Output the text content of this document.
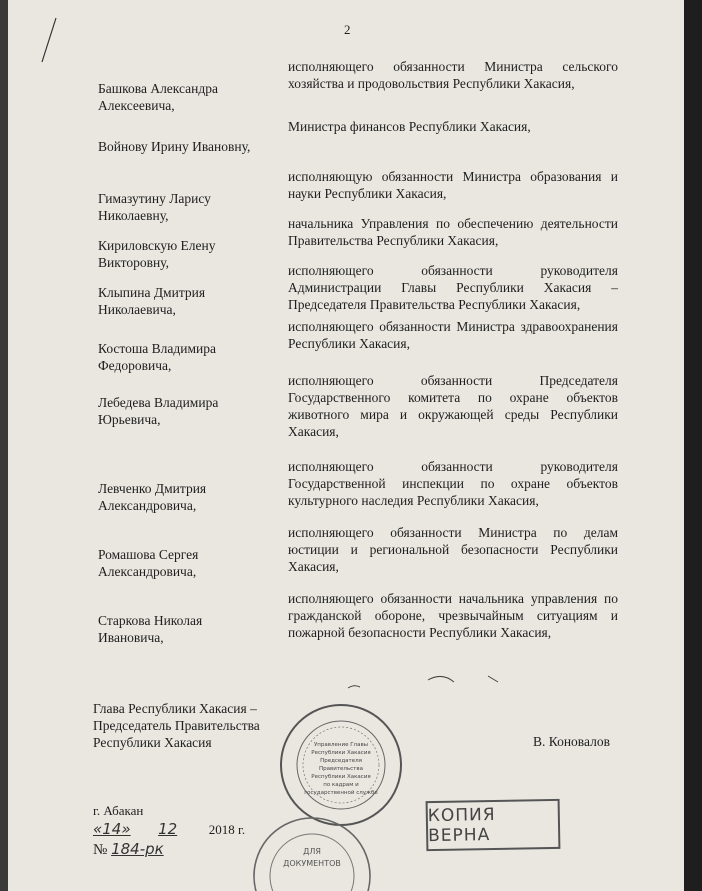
2
Башкова Александра Алексеевича,
исполняющего обязанности Министра сельского хозяйства и продовольствия Республики Хакасия,
Войнову Ирину Ивановну,
Министра финансов Республики Хакасия,
Гимазутину Ларису Николаевну,
исполняющую обязанности Министра образования и науки Республики Хакасия,
Кириловскую Елену Викторовну,
начальника Управления по обеспечению деятельности Правительства Республики Хакасия,
Клыпина Дмитрия Николаевича,
исполняющего обязанности руководителя Администрации Главы Республики Хакасия – Председателя Правительства Республики Хакасия,
Костоша Владимира Федоровича,
исполняющего обязанности Министра здравоохранения Республики Хакасия,
Лебедева Владимира Юрьевича,
исполняющего обязанности Председателя Государственного комитета по охране объектов животного мира и окружающей среды Республики Хакасия,
Левченко Дмитрия Александровича,
исполняющего обязанности руководителя Государственной инспекции по охране объектов культурного наследия Республики Хакасия,
Ромашова Сергея Александровича,
исполняющего обязанности Министра по делам юстиции и региональной безопасности Республики Хакасия,
Старкова Николая Ивановича,
исполняющего обязанности начальника управления по гражданской обороне, чрезвычайным ситуациям и пожарной безопасности Республики Хакасия,
Глава Республики Хакасия – Председатель Правительства Республики Хакасия	В. Коновалов
Управление Главы
Республики Хакасия
Председателя
Правительства
Республики Хакасия
по кадрам и
государственной службе
ДЛЯ
ДОКУМЕНТОВ
КОПИЯ ВЕРНА
г. Абакан
«14» 12 2018 г.
№ 184-рк
